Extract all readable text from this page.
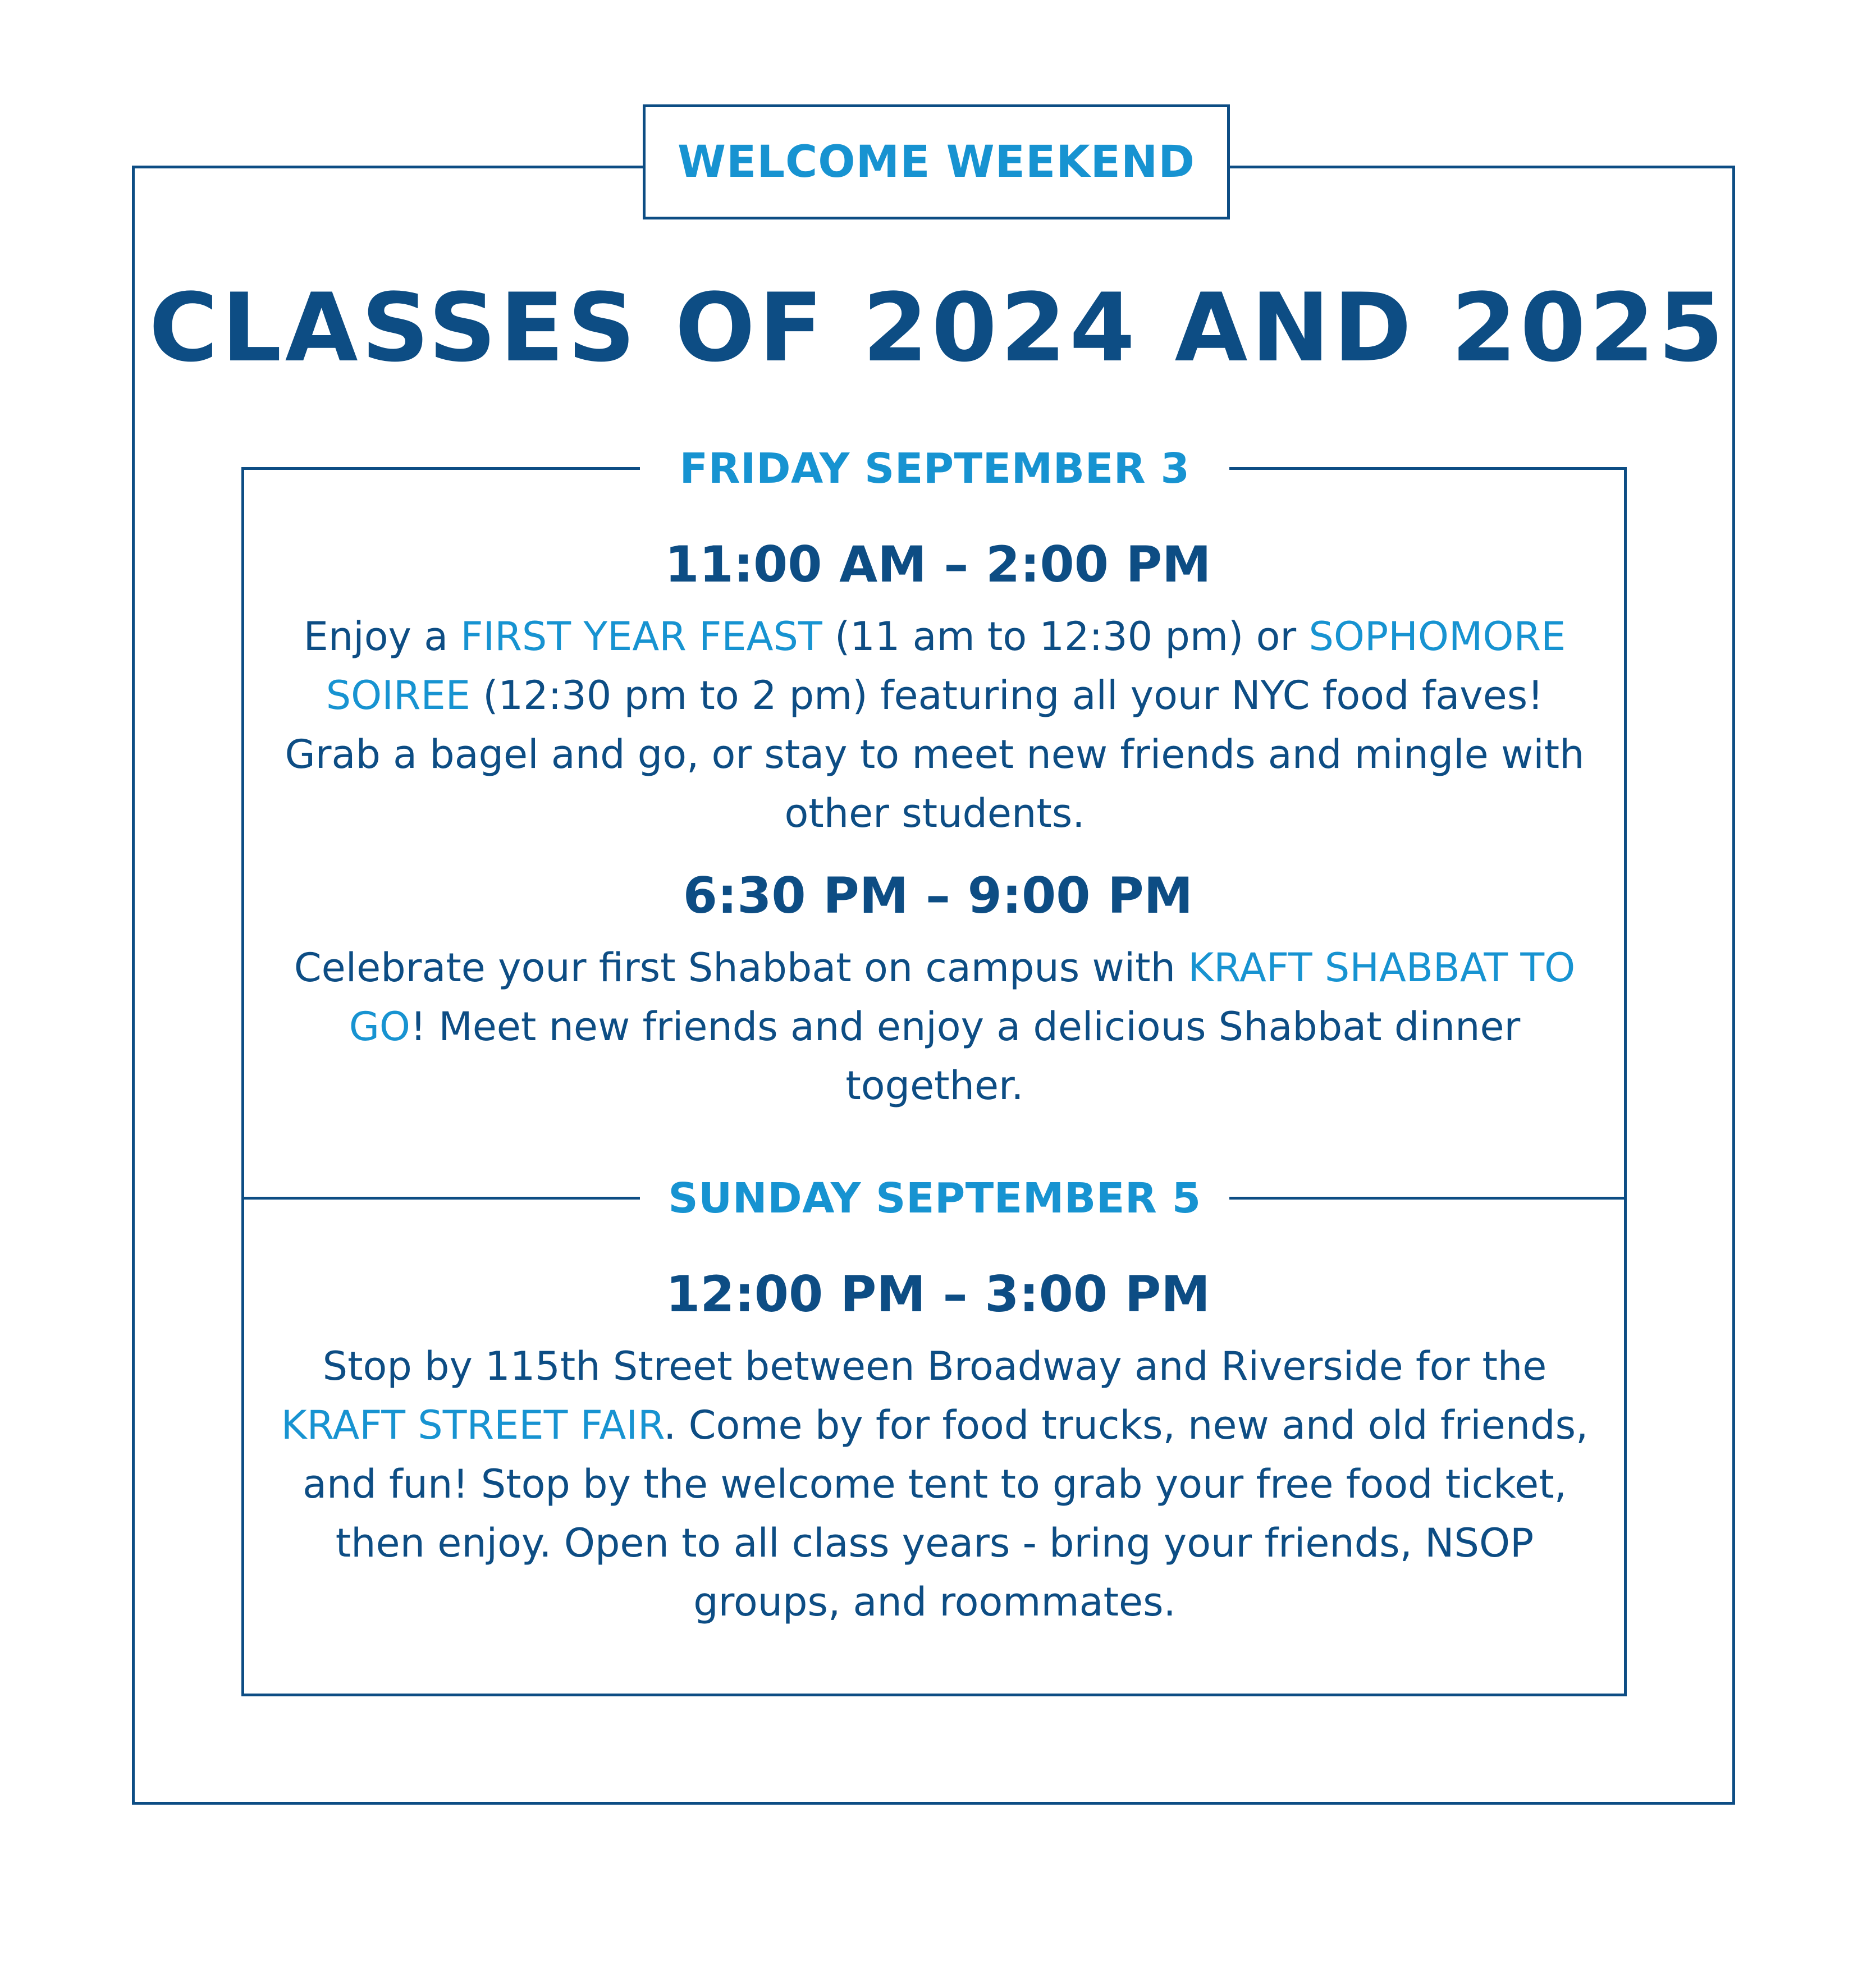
WELCOME WEEKEND
CLASSES OF 2024 AND 2025
FRIDAY SEPTEMBER 3
11:00 AM – 2:00 PM
Enjoy a FIRST YEAR FEAST (11 am to 12:30 pm) or SOPHOMORE SOIREE (12:30 pm to 2 pm) featuring all your NYC food faves! Grab a bagel and go, or stay to meet new friends and mingle with other students.
6:30 PM – 9:00 PM
Celebrate your first Shabbat on campus with KRAFT SHABBAT TO GO! Meet new friends and enjoy a delicious Shabbat dinner together.
SUNDAY SEPTEMBER 5
12:00 PM – 3:00 PM
Stop by 115th Street between Broadway and Riverside for the KRAFT STREET FAIR. Come by for food trucks, new and old friends, and fun! Stop by the welcome tent to grab your free food ticket, then enjoy. Open to all class years - bring your friends, NSOP groups, and roommates.
